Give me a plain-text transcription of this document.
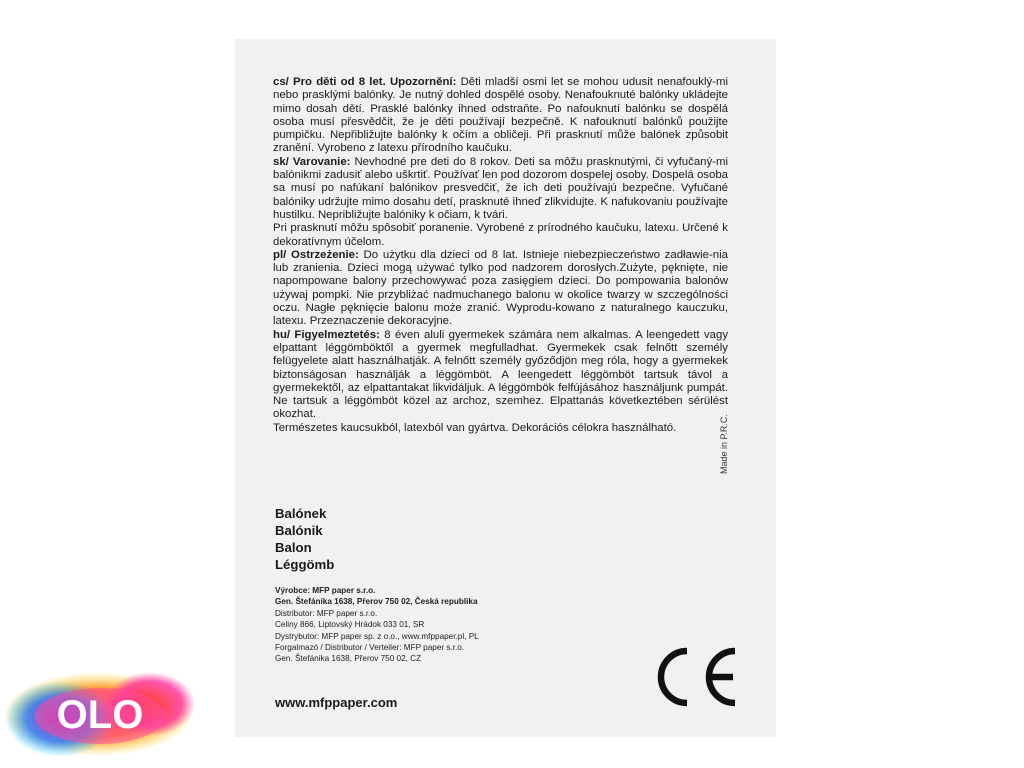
cs/ Pro děti od 8 let. Upozornění: Děti mladší osmi let se mohou udusit nenafouklý-mi nebo prasklými balónky. Je nutný dohled dospělé osoby. Nenafouknuté balónky ukládejte mimo dosah dětí. Prasklé balónky ihned odstraňte. Po nafouknutí balónku se dospělá osoba musí přesvědčit, že je děti používají bezpečně. K nafouknutí balónků použijte pumpičku. Nepřibližujte balónky k očím a obličeji. Při prasknutí může balónek způsobit zranění. Vyrobeno z latexu přírodního kaučuku.

sk/ Varovanie: Nevhodné pre deti do 8 rokov. Deti sa môžu prasknutými, či vyfučaný-mi balónikmi zadusiť alebo uškrtiť. Používať len pod dozorom dospelej osoby. Dospelá osoba sa musí po nafúkaní balónikov presvedčiť, že ich deti používajú bezpečne. Vyfučané balóniky udržujte mimo dosahu detí, prasknuté ihneď zlikvidujte. K nafukovaniu používajte hustilku. Nepribližujte balóniky k očiam, k tvári.

Pri prasknutí môžu spôsobiť poranenie. Vyrobené z prírodného kaučuku, latexu. Určené k dekoratívnym účelom.

pl/ Ostrzeżenie: Do użytku dla dzieci od 8 lat. Istnieje niebezpieczeństwo zadławie-nia lub zranienia. Dzieci mogą używać tylko pod nadzorem dorosłych.Zużyte, pęknięte, nie napompowane balony przechowywać poza zasięgiem dzieci. Do pompowania balonów używaj pompki. Nie przybliżać nadmuchanego balonu w okolice twarzy w szczególności oczu. Nagłe pęknięcie balonu może zranić. Wyprodu-kowano z naturalnego kauczuku, latexu. Przeznaczenie dekoracyjne.

hu/ Figyelmeztetés: 8 éven aluli gyermekek számára nem alkalmas. A leengedett vagy elpattant léggömböktől a gyermek megfulladhat. Gyermekek csak felnőtt személy felügyelete alatt használhatják. A felnőtt személy győződjön meg róla, hogy a gyermekek biztonságosan használják a léggömböt. A leengedett léggömböt tartsuk távol a gyermekektől, az elpattantakat likvidáljuk. A léggömbök felfújásához használjunk pumpát. Ne tartsuk a léggömböt közel az archoz, szemhez. Elpattanás következtében sérülést okozhat.

Természetes kaucsukból, latexból van gyártva. Dekorációs célokra használható.	Made in P.R.C.
Balónek
Balónik
Balon
Léggömb
Výrobce: MFP paper s.r.o.
Gen. Štefánika 1638, Přerov 750 02, Česká republika
Distributor: MFP paper s.r.o.
Celiny 866, Liptovský Hrádok 033 01, SR
Dystrybutor: MFP paper sp. z o.o., www.mfppaper.pl, PL
Forgalmazó / Distributor / Verteiler: MFP paper s.r.o.
Gen. Štefánika 1638, Přerov 750 02, CZ
www.mfppaper.com
OLO
